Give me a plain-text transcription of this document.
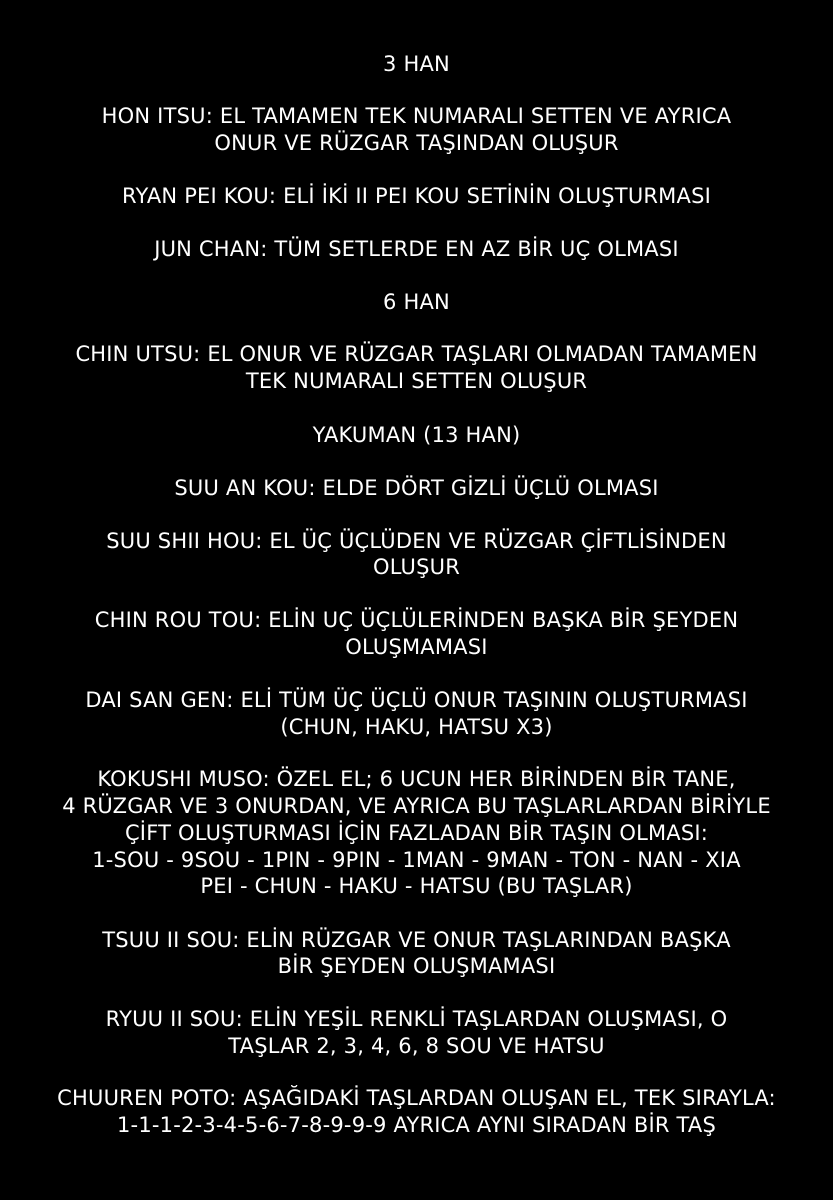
3 HAN
HON ITSU: EL TAMAMEN TEK NUMARALI SETTEN VE AYRICA
ONUR VE RÜZGAR TAŞINDAN OLUŞUR
RYAN PEI KOU: ELİ İKİ II PEI KOU SETİNİN OLUŞTURMASI
JUN CHAN: TÜM SETLERDE EN AZ BİR UÇ OLMASI
6 HAN
CHIN UTSU: EL ONUR VE RÜZGAR TAŞLARI OLMADAN TAMAMEN
TEK NUMARALI SETTEN OLUŞUR
YAKUMAN (13 HAN)
SUU AN KOU: ELDE DÖRT GİZLİ ÜÇLÜ OLMASI
SUU SHII HOU: EL ÜÇ ÜÇLÜDEN VE RÜZGAR ÇİFTLİSİNDEN
OLUŞUR
CHIN ROU TOU: ELİN UÇ ÜÇLÜLERİNDEN BAŞKA BİR ŞEYDEN
OLUŞMAMASI
DAI SAN GEN: ELİ TÜM ÜÇ ÜÇLÜ ONUR TAŞININ OLUŞTURMASI
(CHUN, HAKU, HATSU X3)
KOKUSHI MUSO: ÖZEL EL; 6 UCUN HER BİRİNDEN BİR TANE,
4 RÜZGAR VE 3 ONURDAN, VE AYRICA BU TAŞLARLARDAN BİRİYLE
ÇİFT OLUŞTURMASI İÇİN FAZLADAN BİR TAŞIN OLMASI:
1-SOU - 9SOU - 1PIN - 9PIN - 1MAN - 9MAN - TON - NAN - XIA
PEI - CHUN - HAKU - HATSU (BU TAŞLAR)
TSUU II SOU: ELİN RÜZGAR VE ONUR TAŞLARINDAN BAŞKA
BİR ŞEYDEN OLUŞMAMASI
RYUU II SOU: ELİN YEŞİL RENKLİ TAŞLARDAN OLUŞMASI, O
TAŞLAR 2, 3, 4, 6, 8 SOU VE HATSU
CHUUREN POTO: AŞAĞIDAKİ TAŞLARDAN OLUŞAN EL, TEK SIRAYLA:
1-1-1-2-3-4-5-6-7-8-9-9-9 AYRICA AYNI SIRADAN BİR TAŞ
